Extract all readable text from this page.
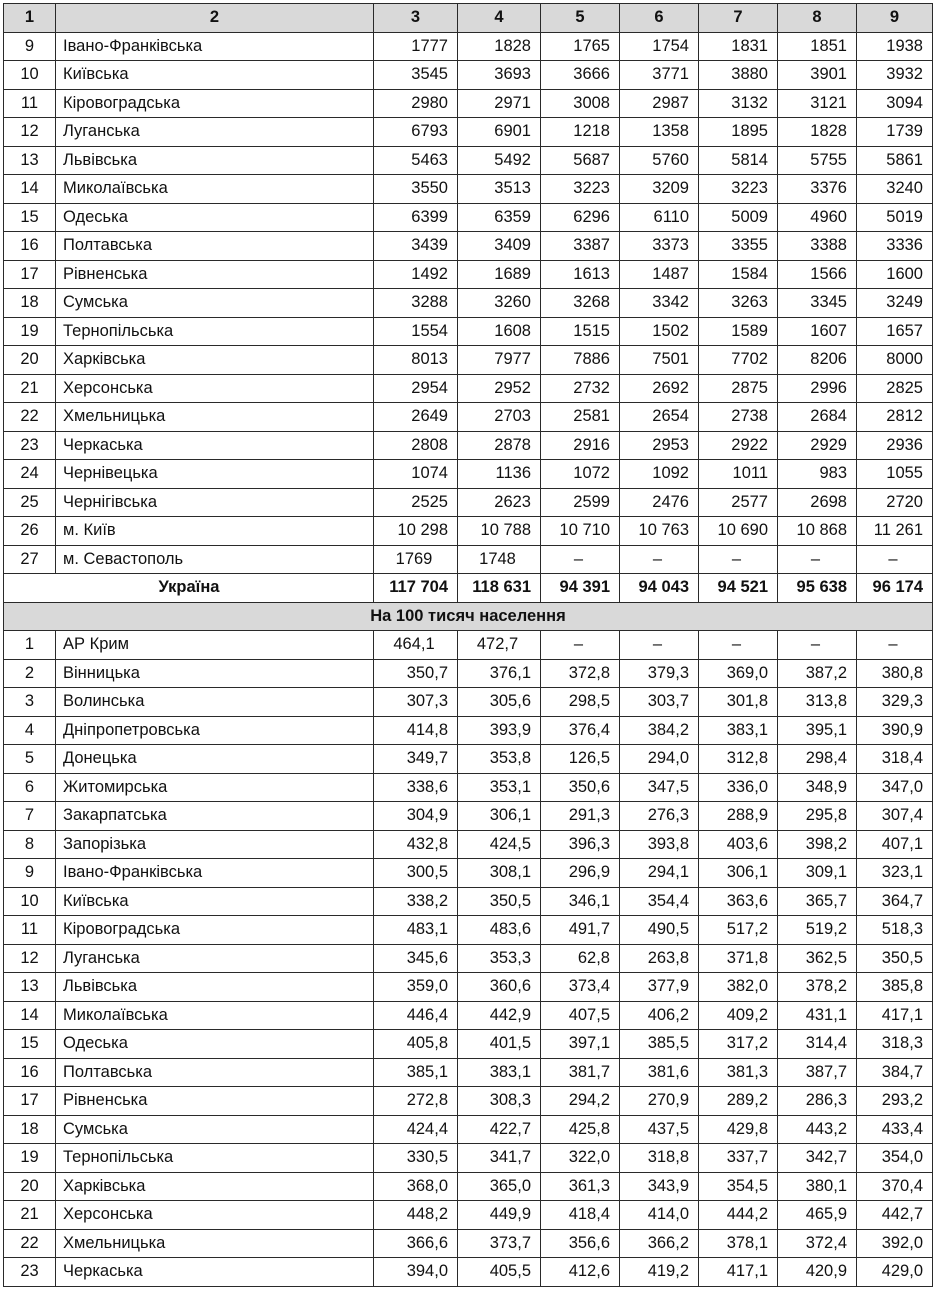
1	2	3	4	5	6	7	8	9
9	Івано-Франківська	1777	1828	1765	1754	1831	1851	1938
10	Київська	3545	3693	3666	3771	3880	3901	3932
11	Кіровоградська	2980	2971	3008	2987	3132	3121	3094
12	Луганська	6793	6901	1218	1358	1895	1828	1739
13	Львівська	5463	5492	5687	5760	5814	5755	5861
14	Миколаївська	3550	3513	3223	3209	3223	3376	3240
15	Одеська	6399	6359	6296	6110	5009	4960	5019
16	Полтавська	3439	3409	3387	3373	3355	3388	3336
17	Рівненська	1492	1689	1613	1487	1584	1566	1600
18	Сумська	3288	3260	3268	3342	3263	3345	3249
19	Тернопільська	1554	1608	1515	1502	1589	1607	1657
20	Харківська	8013	7977	7886	7501	7702	8206	8000
21	Херсонська	2954	2952	2732	2692	2875	2996	2825
22	Хмельницька	2649	2703	2581	2654	2738	2684	2812
23	Черкаська	2808	2878	2916	2953	2922	2929	2936
24	Чернівецька	1074	1136	1072	1092	1011	983	1055
25	Чернігівська	2525	2623	2599	2476	2577	2698	2720
26	м. Київ	10 298	10 788	10 710	10 763	10 690	10 868	11 261
27	м. Севастополь	1769	1748	–	–	–	–	–
Україна		117 704	118 631	94 391	94 043	94 521	95 638	96 174
На 100 тисяч населення								
1	АР Крим	464,1	472,7	–	–	–	–	–
2	Вінницька	350,7	376,1	372,8	379,3	369,0	387,2	380,8
3	Волинська	307,3	305,6	298,5	303,7	301,8	313,8	329,3
4	Дніпропетровська	414,8	393,9	376,4	384,2	383,1	395,1	390,9
5	Донецька	349,7	353,8	126,5	294,0	312,8	298,4	318,4
6	Житомирська	338,6	353,1	350,6	347,5	336,0	348,9	347,0
7	Закарпатська	304,9	306,1	291,3	276,3	288,9	295,8	307,4
8	Запорізька	432,8	424,5	396,3	393,8	403,6	398,2	407,1
9	Івано-Франківська	300,5	308,1	296,9	294,1	306,1	309,1	323,1
10	Київська	338,2	350,5	346,1	354,4	363,6	365,7	364,7
11	Кіровоградська	483,1	483,6	491,7	490,5	517,2	519,2	518,3
12	Луганська	345,6	353,3	62,8	263,8	371,8	362,5	350,5
13	Львівська	359,0	360,6	373,4	377,9	382,0	378,2	385,8
14	Миколаївська	446,4	442,9	407,5	406,2	409,2	431,1	417,1
15	Одеська	405,8	401,5	397,1	385,5	317,2	314,4	318,3
16	Полтавська	385,1	383,1	381,7	381,6	381,3	387,7	384,7
17	Рівненська	272,8	308,3	294,2	270,9	289,2	286,3	293,2
18	Сумська	424,4	422,7	425,8	437,5	429,8	443,2	433,4
19	Тернопільська	330,5	341,7	322,0	318,8	337,7	342,7	354,0
20	Харківська	368,0	365,0	361,3	343,9	354,5	380,1	370,4
21	Херсонська	448,2	449,9	418,4	414,0	444,2	465,9	442,7
22	Хмельницька	366,6	373,7	356,6	366,2	378,1	372,4	392,0
23	Черкаська	394,0	405,5	412,6	419,2	417,1	420,9	429,0
